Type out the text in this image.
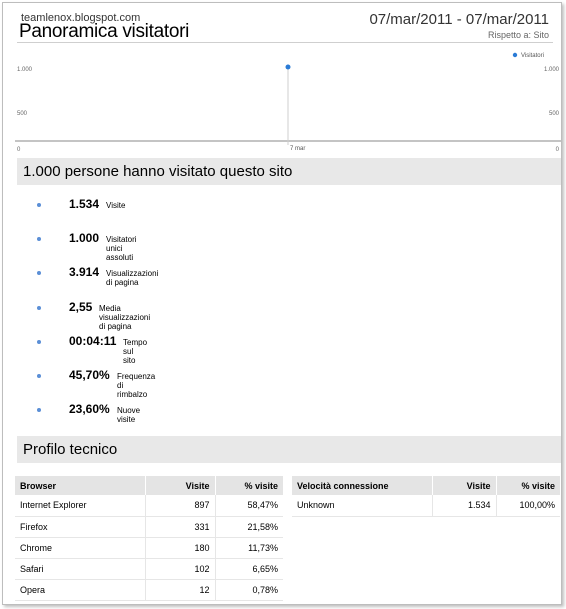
teamlenox.blogspot.com
Panoramica visitatori
07/mar/2011 - 07/mar/2011
Rispetto a: Sito
1.000	1.000
500	500
0	0
7 mar
Visitatori
1.000 persone hanno visitato questo sito
1.534 Visite
1.000 Visitatori unici assoluti
3.914 Visualizzazioni di pagina
2,55 Media visualizzazioni di pagina
00:04:11 Tempo sul sito
45,70% Frequenza di rimbalzo
23,60% Nuove visite
Profilo tecnico
Browser	Visite	% visite
Internet Explorer	897	58,47%
Firefox	331	21,58%
Chrome	180	11,73%
Safari	102	6,65%
Opera	12	0,78%
Velocità connessione	Visite	% visite
Unknown	1.534	100,00%
